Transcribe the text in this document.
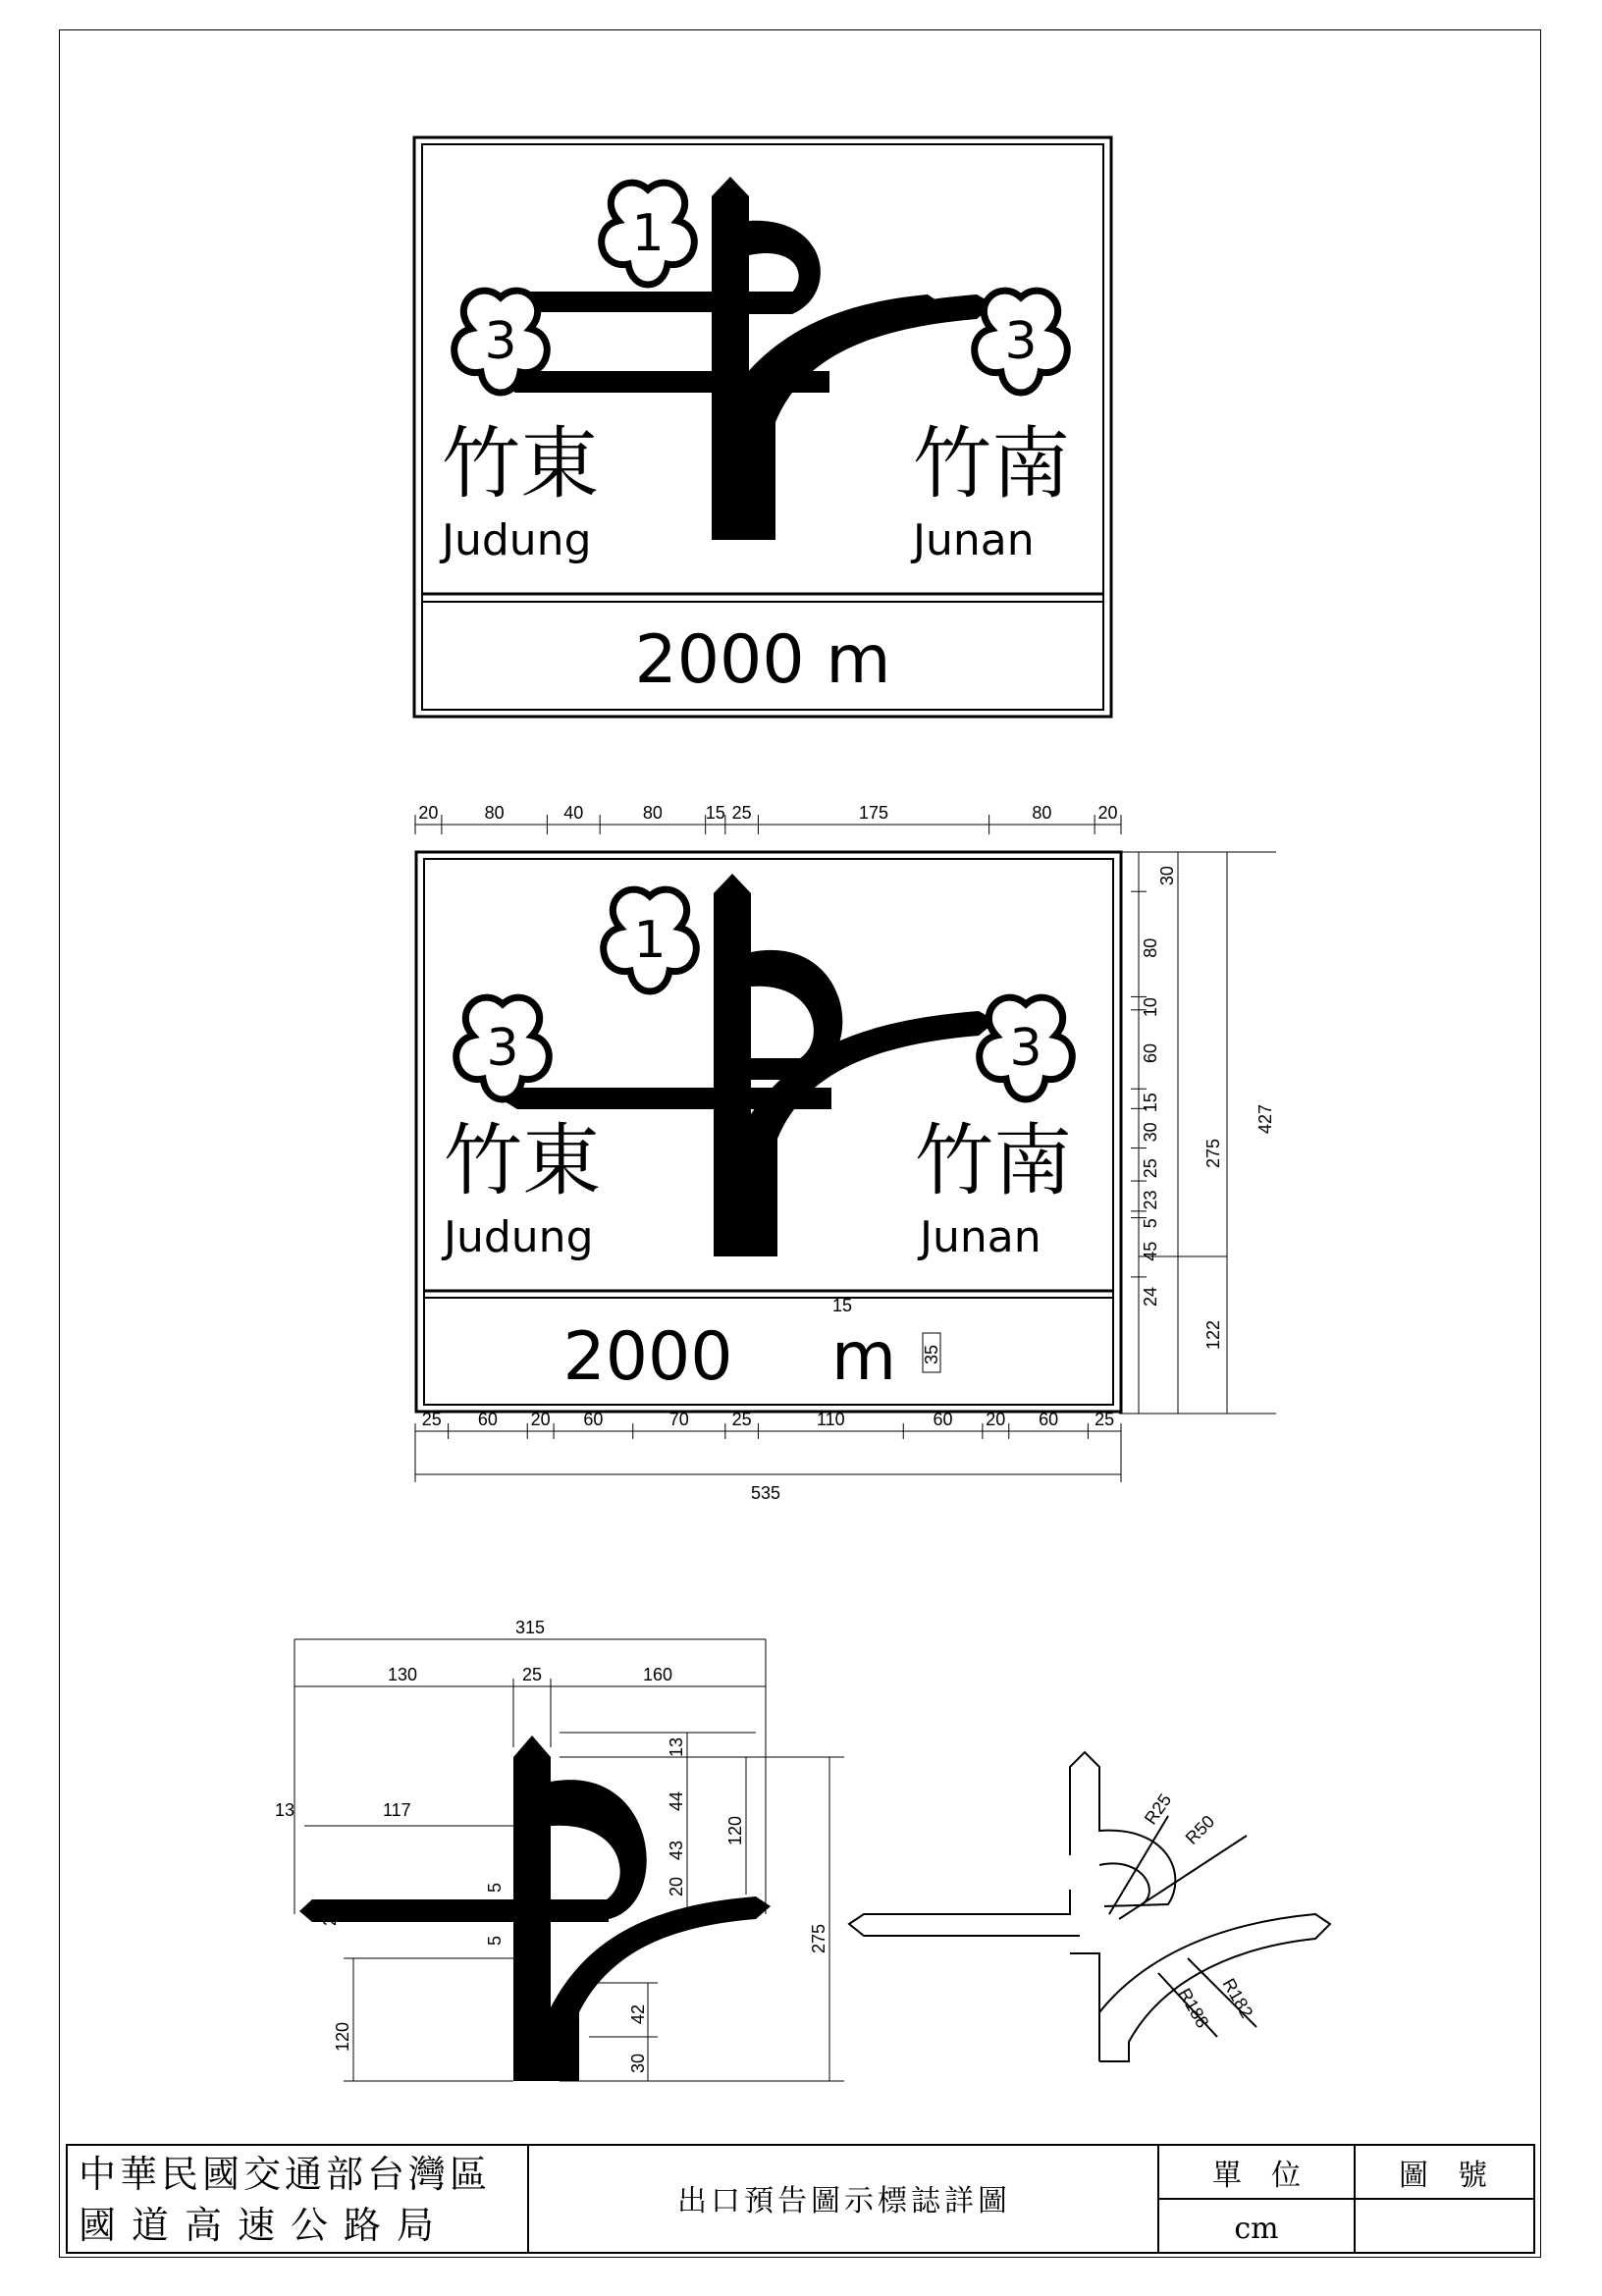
1
3	3
竹東
Judung
竹南
Junan
2000 m
1
3	3
竹東
Judung
竹南
Junan
2000 m
15
35
20	80	40	80 15 25	175	80	20
25 60 20 60	70 25	110	60 20 60 25
535
30
80
10
60
15
30
25
23
5
45
24
275
122
427
315
130	25	160
13	117
25
13
44
43
20
120
275
5
5
120
42
30
R25
R50
R188 R182
中華民國交通部台灣區
國道高速公路局
出口預告圖示標誌詳圖
單　位
cm
圖　號
